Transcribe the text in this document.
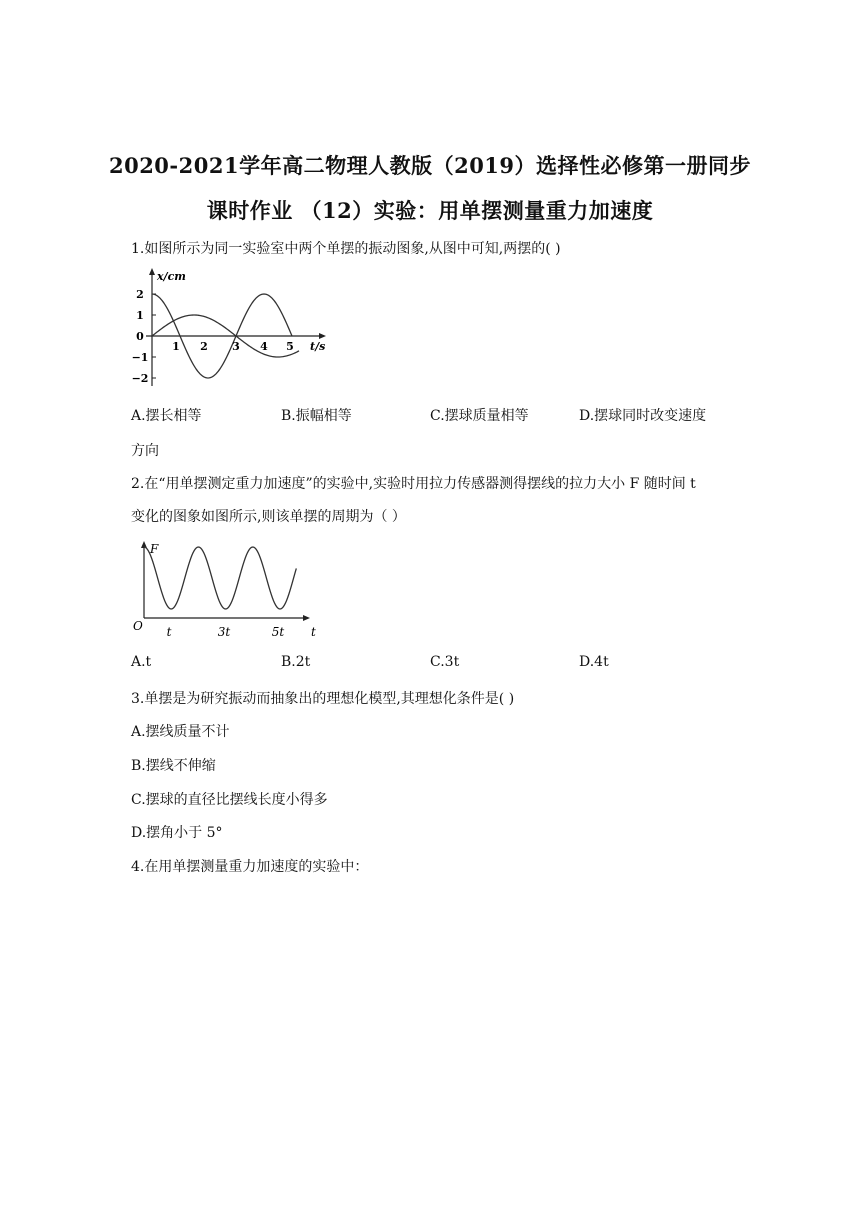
2020-2021学年高二物理人教版（2019）选择性必修第一册同步
课时作业 （12）实验：用单摆测量重力加速度
1.如图所示为同一实验室中两个单摆的振动图象,从图中可知,两摆的( )
x/cm
t/s
2
1
0
−1
−2
1 2 3 4 5
A.摆长相等	B.振幅相等	C.摆球质量相等	D.摆球同时改变速度
方向
2.在“用单摆测定重力加速度”的实验中,实验时用拉力传感器测得摆线的拉力大小 F 随时间 t
变化的图象如图所示,则该单摆的周期为（ ）
F
O t	3t	5t t
A.t	B.2t	C.3t	D.4t
3.单摆是为研究振动而抽象出的理想化模型,其理想化条件是( )
A.摆线质量不计
B.摆线不伸缩
C.摆球的直径比摆线长度小得多
D.摆角小于 5°
4.在用单摆测量重力加速度的实验中：
